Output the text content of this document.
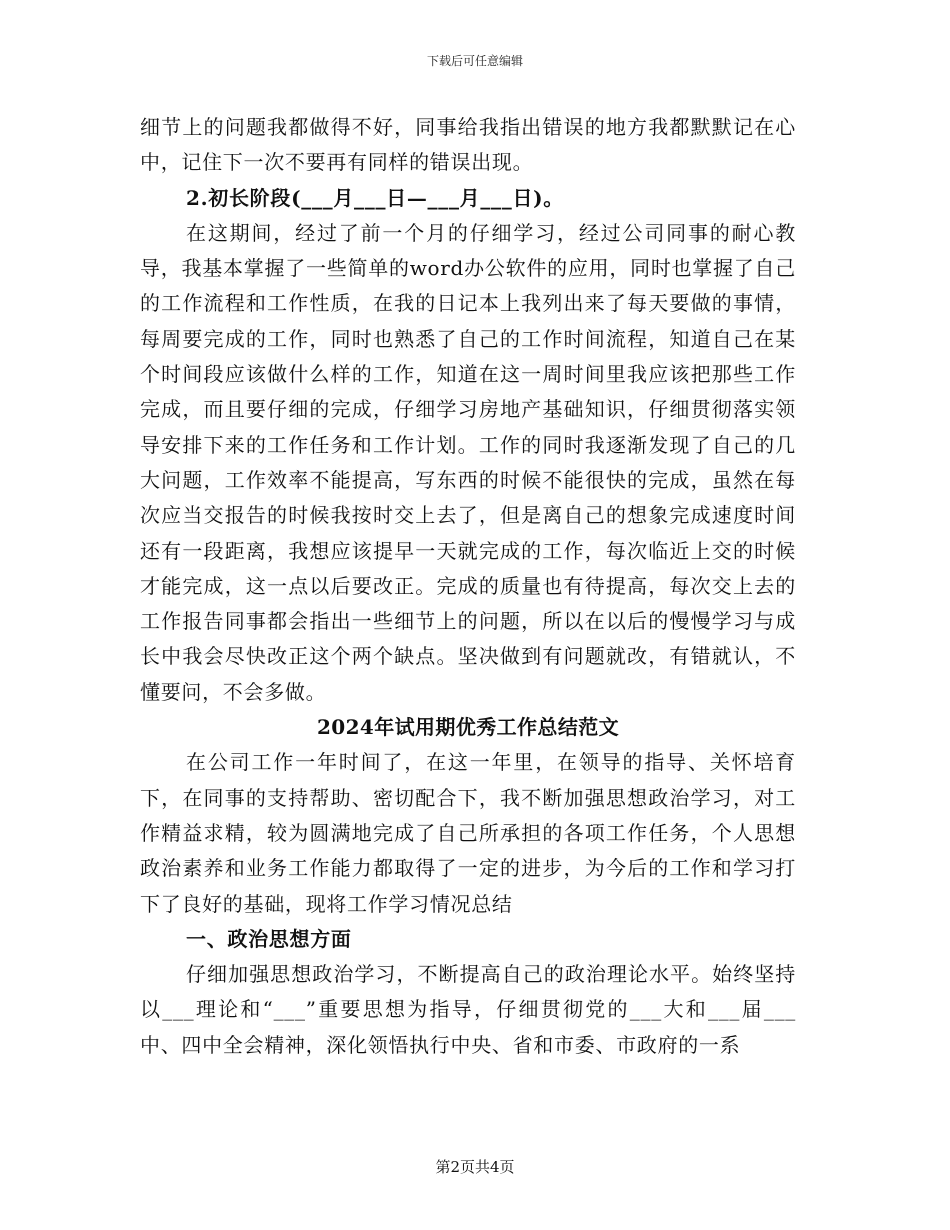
下载后可任意编辑

细节上的问题我都做得不好，同事给我指出错误的地方我都默默记在心中，记住下一次不要再有同样的错误出现。

2.初长阶段(___月___日—___月___日)。

在这期间，经过了前一个月的仔细学习，经过公司同事的耐心教导，我基本掌握了一些简单的word办公软件的应用，同时也掌握了自己的工作流程和工作性质，在我的日记本上我列出来了每天要做的事情，每周要完成的工作，同时也熟悉了自己的工作时间流程，知道自己在某个时间段应该做什么样的工作，知道在这一周时间里我应该把那些工作完成，而且要仔细的完成，仔细学习房地产基础知识，仔细贯彻落实领导安排下来的工作任务和工作计划。工作的同时我逐渐发现了自己的几大问题，工作效率不能提高，写东西的时候不能很快的完成，虽然在每次应当交报告的时候我按时交上去了，但是离自己的想象完成速度时间还有一段距离，我想应该提早一天就完成的工作，每次临近上交的时候才能完成，这一点以后要改正。完成的质量也有待提高，每次交上去的工作报告同事都会指出一些细节上的问题，所以在以后的慢慢学习与成长中我会尽快改正这个两个缺点。坚决做到有问题就改，有错就认，不懂要问，不会多做。

2024年试用期优秀工作总结范文

在公司工作一年时间了，在这一年里，在领导的指导、关怀培育下，在同事的支持帮助、密切配合下，我不断加强思想政治学习，对工作精益求精，较为圆满地完成了自己所承担的各项工作任务，个人思想政治素养和业务工作能力都取得了一定的进步，为今后的工作和学习打下了良好的基础，现将工作学习情况总结

一、政治思想方面

仔细加强思想政治学习，不断提高自己的政治理论水平。始终坚持以___理论和“___”重要思想为指导，仔细贯彻党的___大和___届___中、四中全会精神，深化领悟执行中央、省和市委、市政府的一系

第2页共4页
